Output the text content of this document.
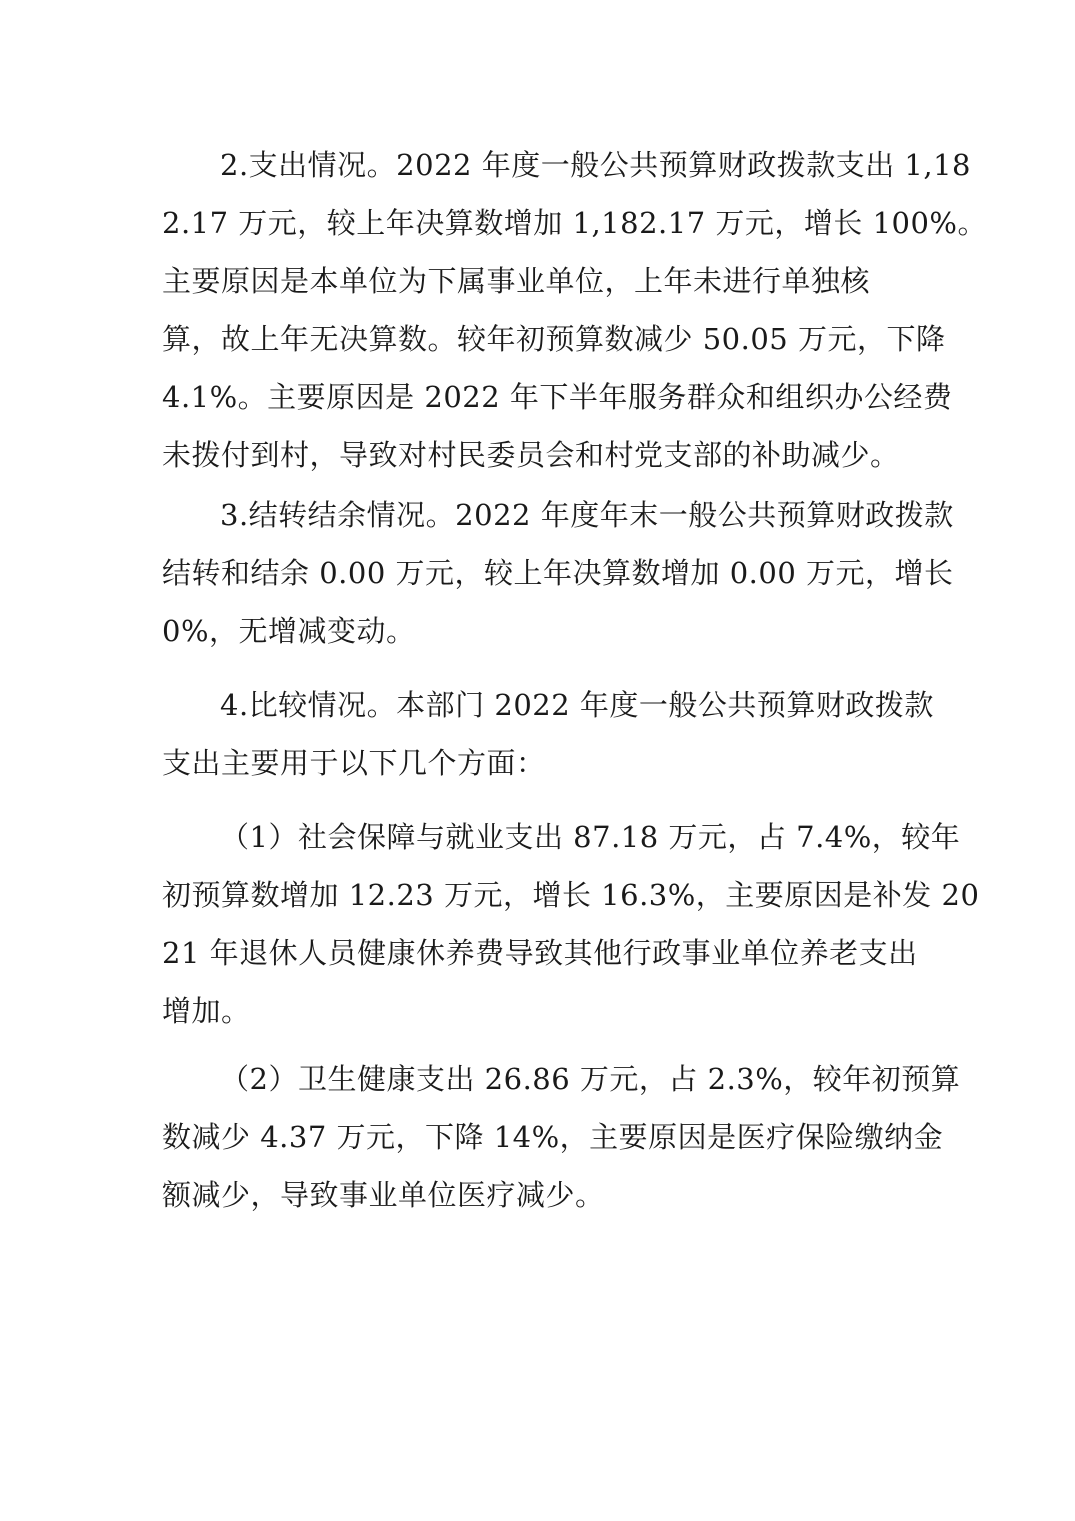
2.支出情况。2022 年度一般公共预算财政拨款支出 1,18
2.17 万元，较上年决算数增加 1,182.17 万元，增长 100%。
主要原因是本单位为下属事业单位，上年未进行单独核
算，故上年无决算数。较年初预算数减少 50.05 万元，下降
4.1%。主要原因是 2022 年下半年服务群众和组织办公经费
未拨付到村，导致对村民委员会和村党支部的补助减少。
3.结转结余情况。2022 年度年末一般公共预算财政拨款
结转和结余 0.00 万元，较上年决算数增加 0.00 万元，增长
0%，无增减变动。
4.比较情况。本部门 2022 年度一般公共预算财政拨款
支出主要用于以下几个方面：
（1）社会保障与就业支出 87.18 万元，占 7.4%，较年
初预算数增加 12.23 万元，增长 16.3%，主要原因是补发 20
21 年退休人员健康休养费导致其他行政事业单位养老支出
增加。
（2）卫生健康支出 26.86 万元，占 2.3%，较年初预算
数减少 4.37 万元，下降 14%，主要原因是医疗保险缴纳金
额减少，导致事业单位医疗减少。
